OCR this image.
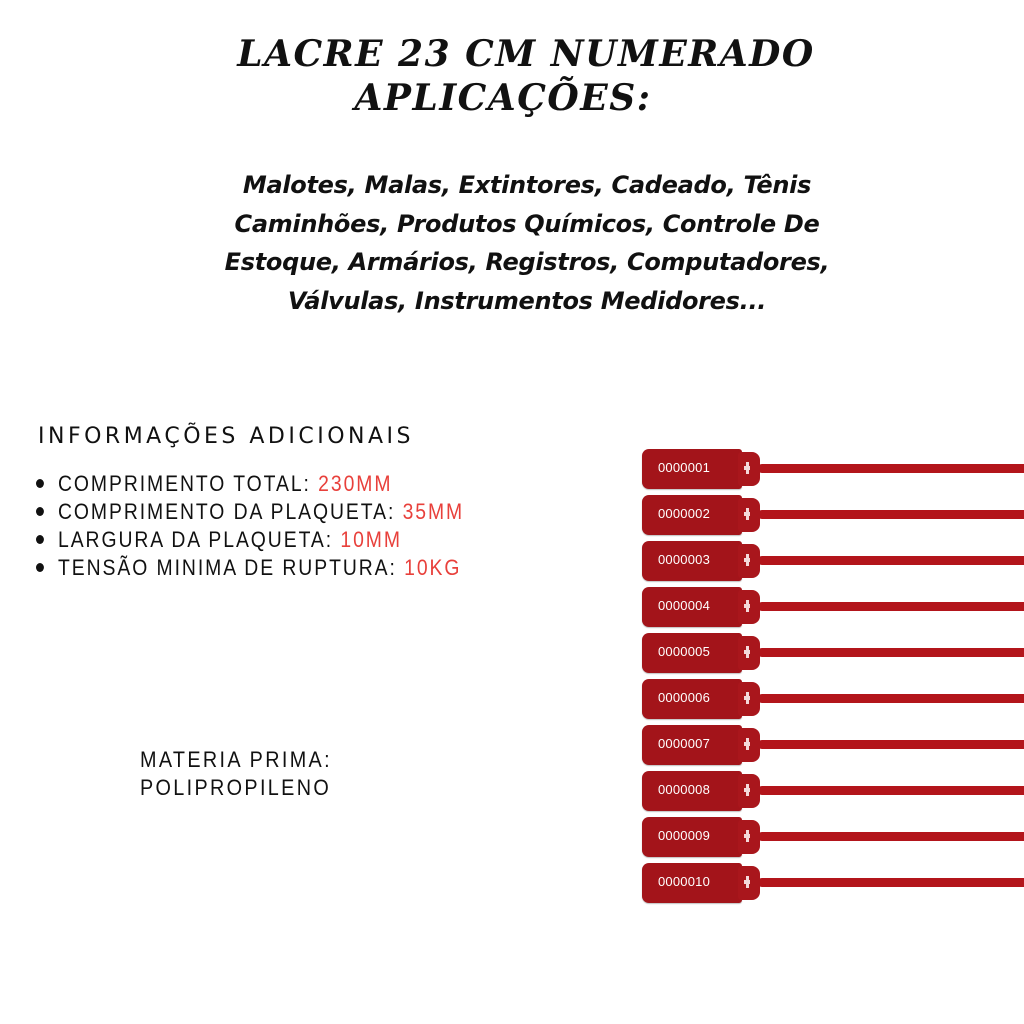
LACRE 23 CM NUMERADO
APLICAÇÕES:
Malotes, Malas, Extintores, Cadeado, Tênis
Caminhões, Produtos Químicos, Controle De
Estoque, Armários, Registros, Computadores,
Válvulas, Instrumentos Medidores...
INFORMAÇÕES ADICIONAIS
COMPRIMENTO TOTAL: 230MM
COMPRIMENTO DA PLAQUETA: 35MM
LARGURA DA PLAQUETA: 10MM
TENSÃO MINIMA DE RUPTURA: 10KG
MATERIA PRIMA:
POLIPROPILENO
0000001
0000002
0000003
0000004
0000005
0000006
0000007
0000008
0000009
0000010
